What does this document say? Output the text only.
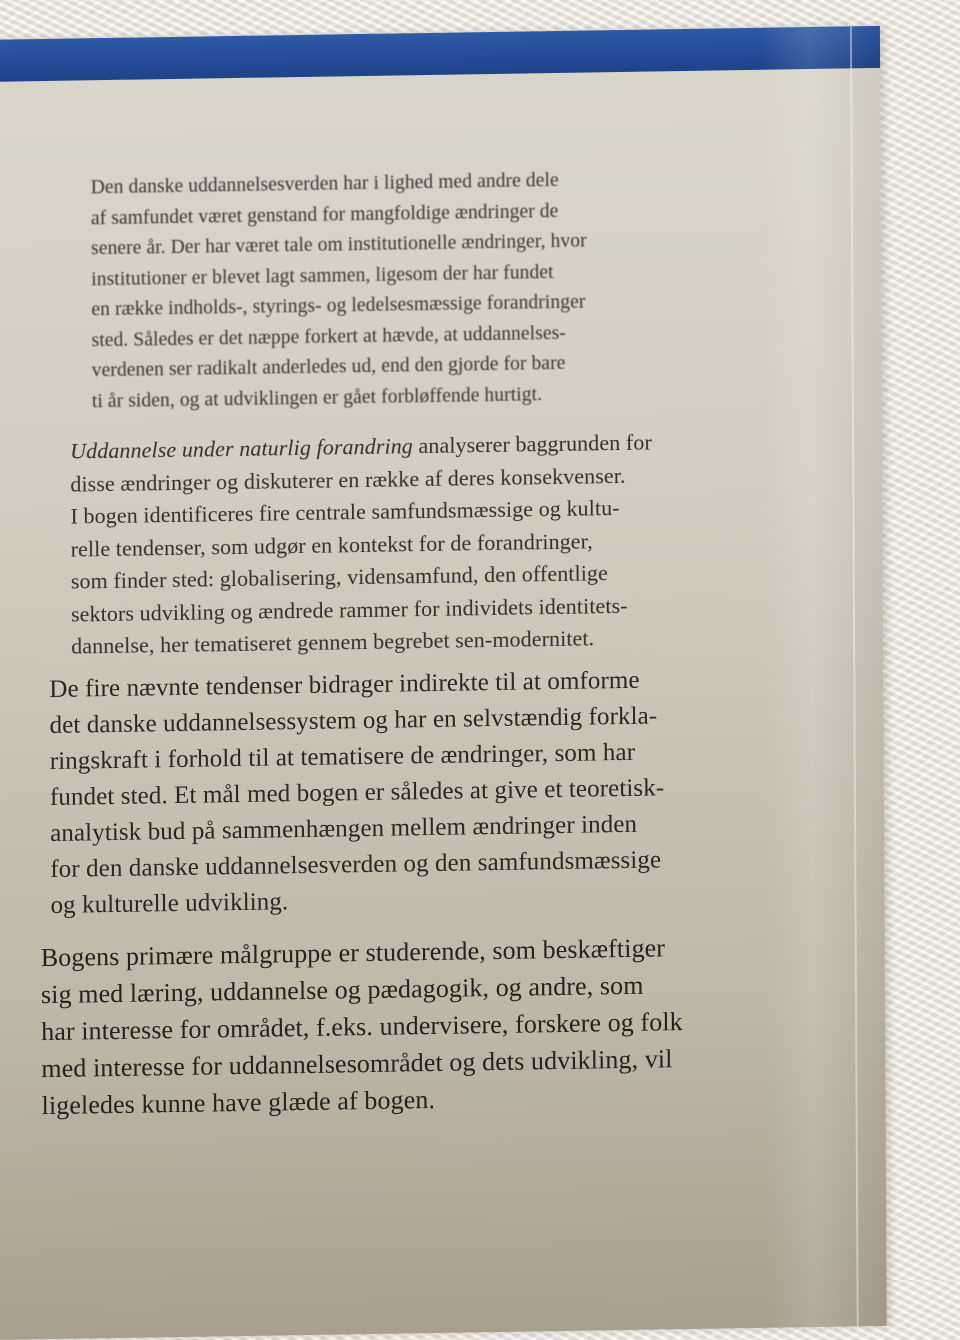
Den danske uddannelsesverden har i lighed med andre dele
af samfundet været genstand for mangfoldige ændringer de
senere år. Der har været tale om institutionelle ændringer, hvor
institutioner er blevet lagt sammen, ligesom der har fundet
en række indholds-, styrings- og ledelsesmæssige forandringer
sted. Således er det næppe forkert at hævde, at uddannelses-
verdenen ser radikalt anderledes ud, end den gjorde for bare
ti år siden, og at udviklingen er gået forbløffende hurtigt.

Uddannelse under naturlig forandring analyserer baggrunden for
disse ændringer og diskuterer en række af deres konsekvenser.
I bogen identificeres fire centrale samfundsmæssige og kultu-
relle tendenser, som udgør en kontekst for de forandringer,
som finder sted: globalisering, vidensamfund, den offentlige
sektors udvikling og ændrede rammer for individets identitets-
dannelse, her tematiseret gennem begrebet sen-modernitet.

De fire nævnte tendenser bidrager indirekte til at omforme
det danske uddannelsessystem og har en selvstændig forkla-
ringskraft i forhold til at tematisere de ændringer, som har
fundet sted. Et mål med bogen er således at give et teoretisk-
analytisk bud på sammenhængen mellem ændringer inden
for den danske uddannelsesverden og den samfundsmæssige
og kulturelle udvikling.

Bogens primære målgruppe er studerende, som beskæftiger
sig med læring, uddannelse og pædagogik, og andre, som
har interesse for området, f.eks. undervisere, forskere og folk
med interesse for uddannelsesområdet og dets udvikling, vil
ligeledes kunne have glæde af bogen.
